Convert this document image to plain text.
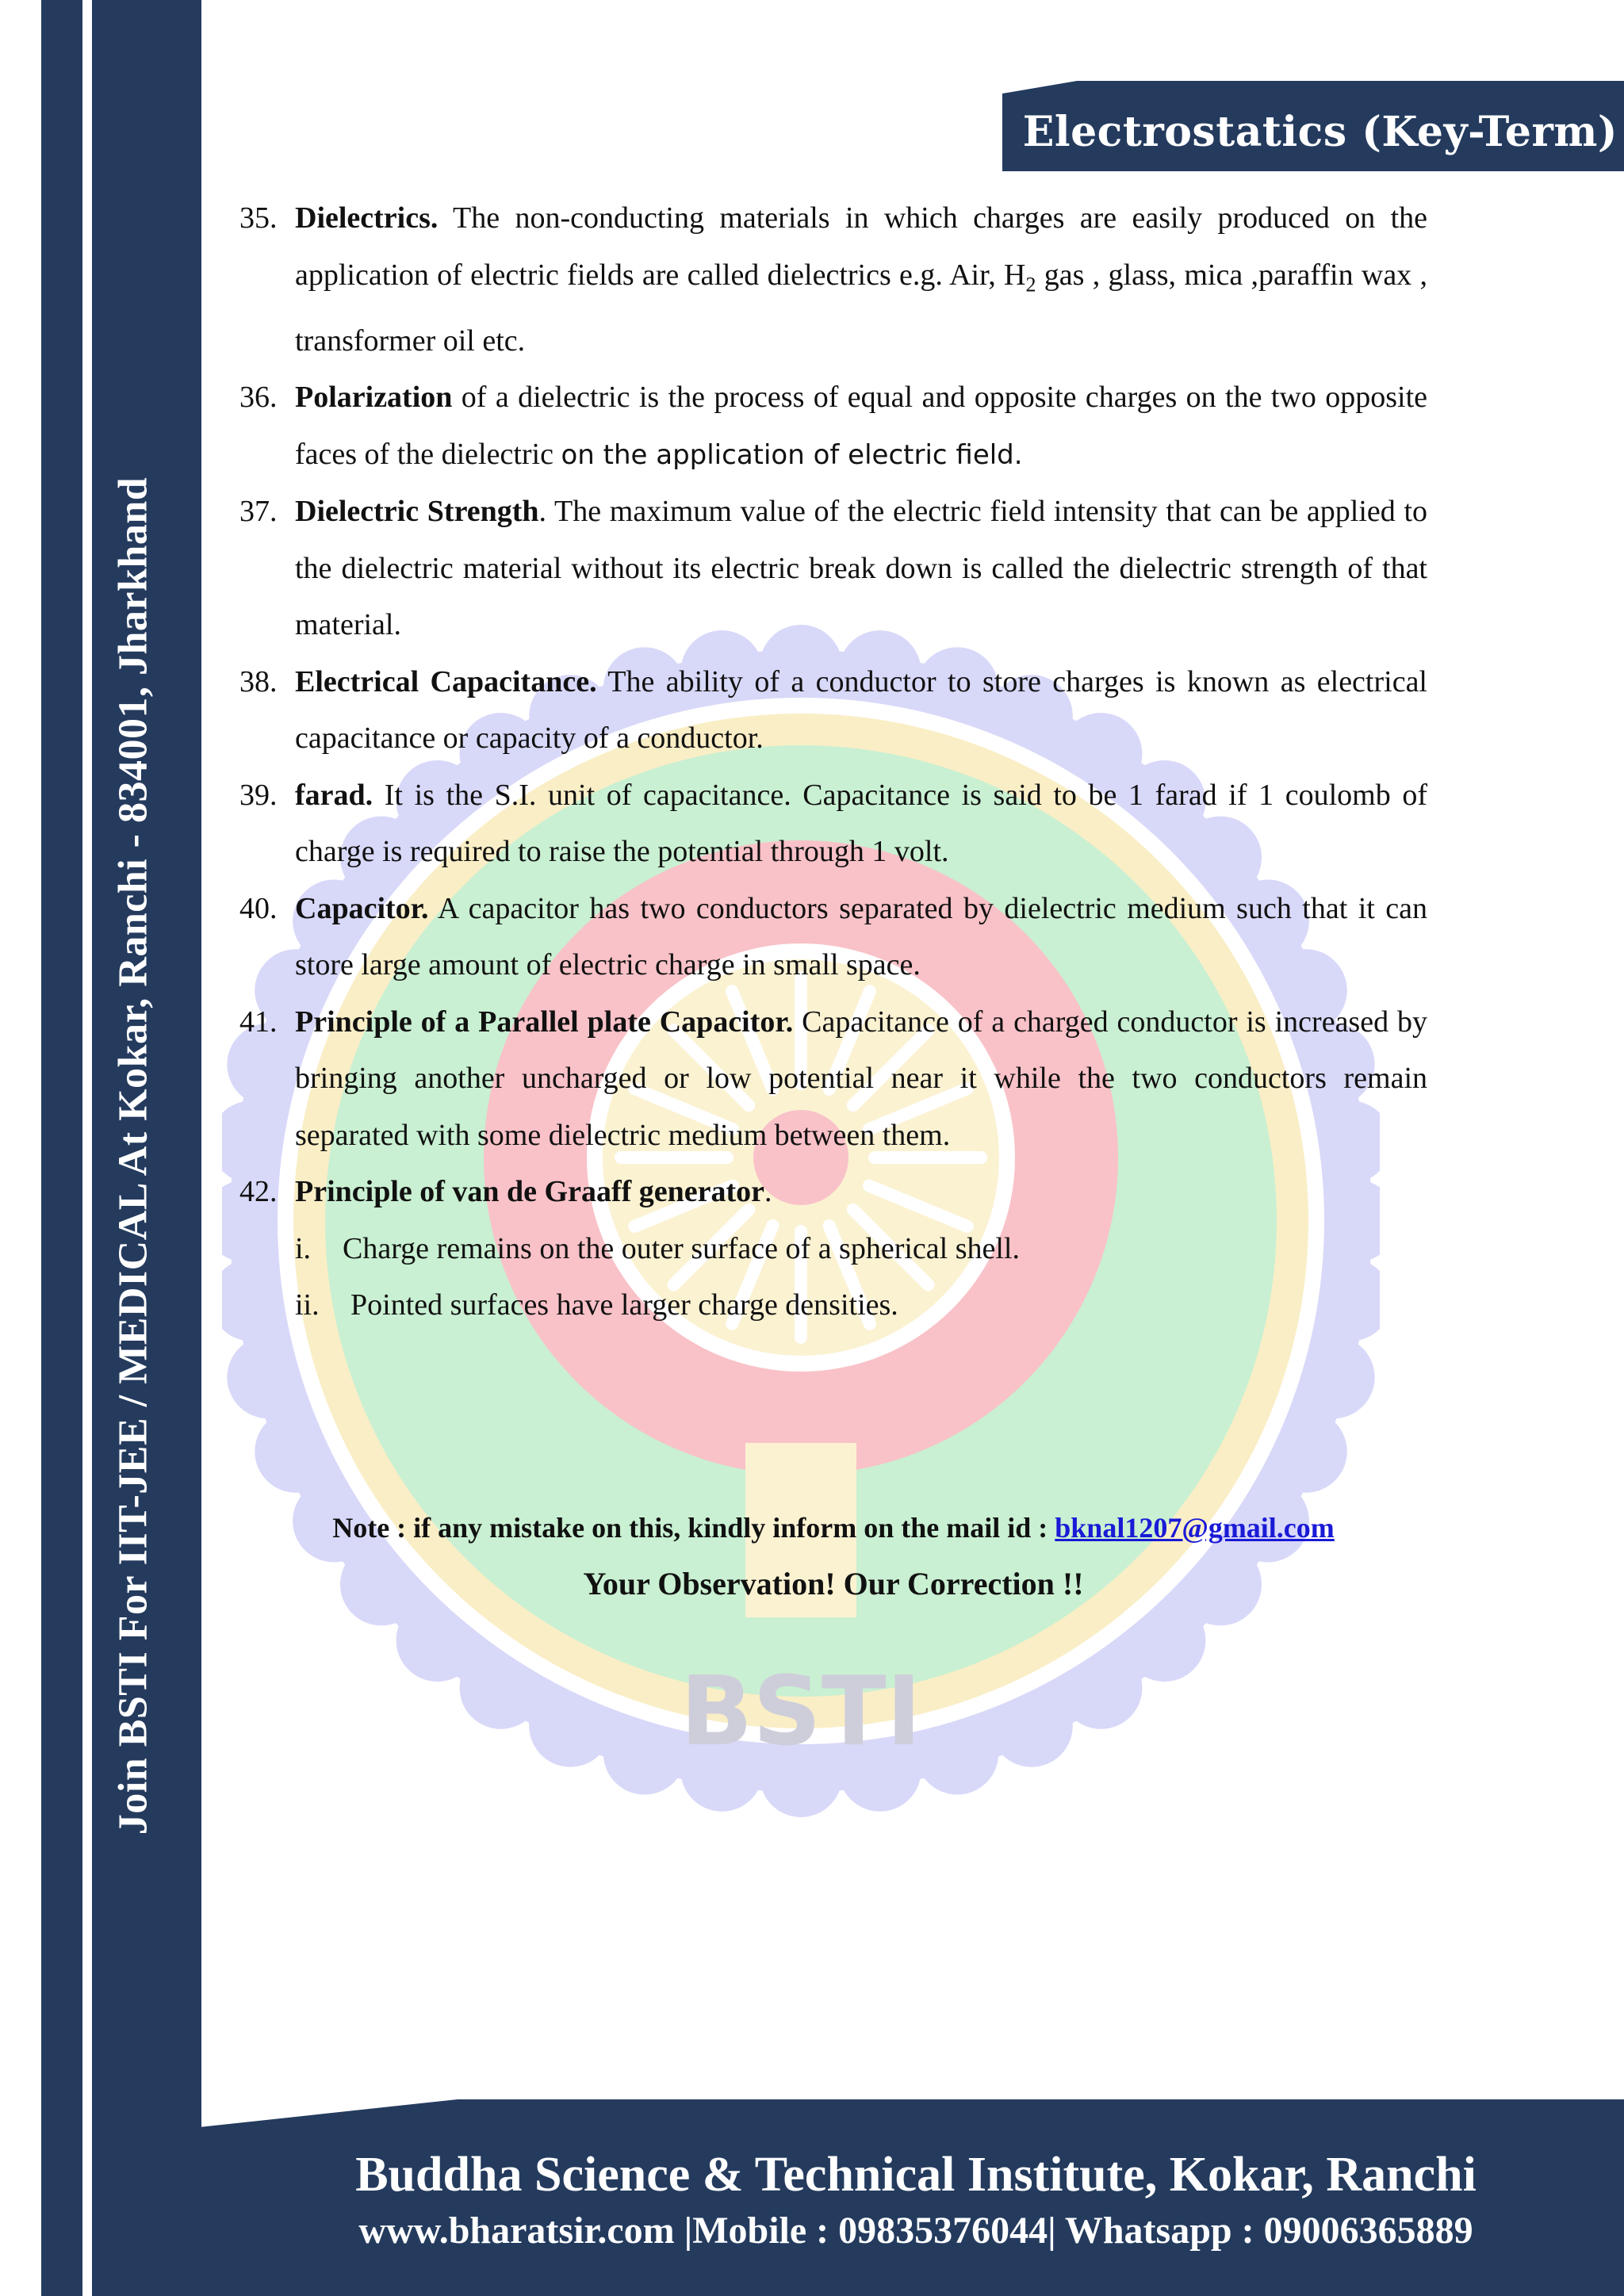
Join BSTI For IIT-JEE / MEDICAL At Kokar, Ranchi - 834001, Jharkhand
Electrostatics (Key-Term)
BSTI
35. Dielectrics. The non-conducting materials in which charges are easily produced on the application of electric fields are called dielectrics e.g. Air, $H_2$ gas , glass, mica ,paraffin wax , transformer oil etc.
36. Polarization of a dielectric is the process of equal and opposite charges on the two opposite faces of the dielectric on the application of electric field.
37. Dielectric Strength. The maximum value of the electric field intensity that can be applied to the dielectric material without its electric break down is called the dielectric strength of that material.
38. Electrical Capacitance. The ability of a conductor to store charges is known as electrical capacitance or capacity of a conductor.
39. farad. It is the S.I. unit of capacitance. Capacitance is said to be 1 farad if 1 coulomb of charge is required to raise the potential through 1 volt.
40. Capacitor. A capacitor has two conductors separated by dielectric medium such that it can store large amount of electric charge in small space.
41. Principle of a Parallel plate Capacitor. Capacitance of a charged conductor is increased by bringing another uncharged or low potential near it while the two conductors remain separated with some dielectric medium between them.
42. Principle of van de Graaff generator.
i. Charge remains on the outer surface of a spherical shell.
ii. Pointed surfaces have larger charge densities.
Note : if any mistake on this, kindly inform on the mail id : bknal1207@gmail.com
Your Observation! Our Correction !!
Buddha Science & Technical Institute, Kokar, Ranchi
www.bharatsir.com |Mobile : 09835376044| Whatsapp : 09006365889
